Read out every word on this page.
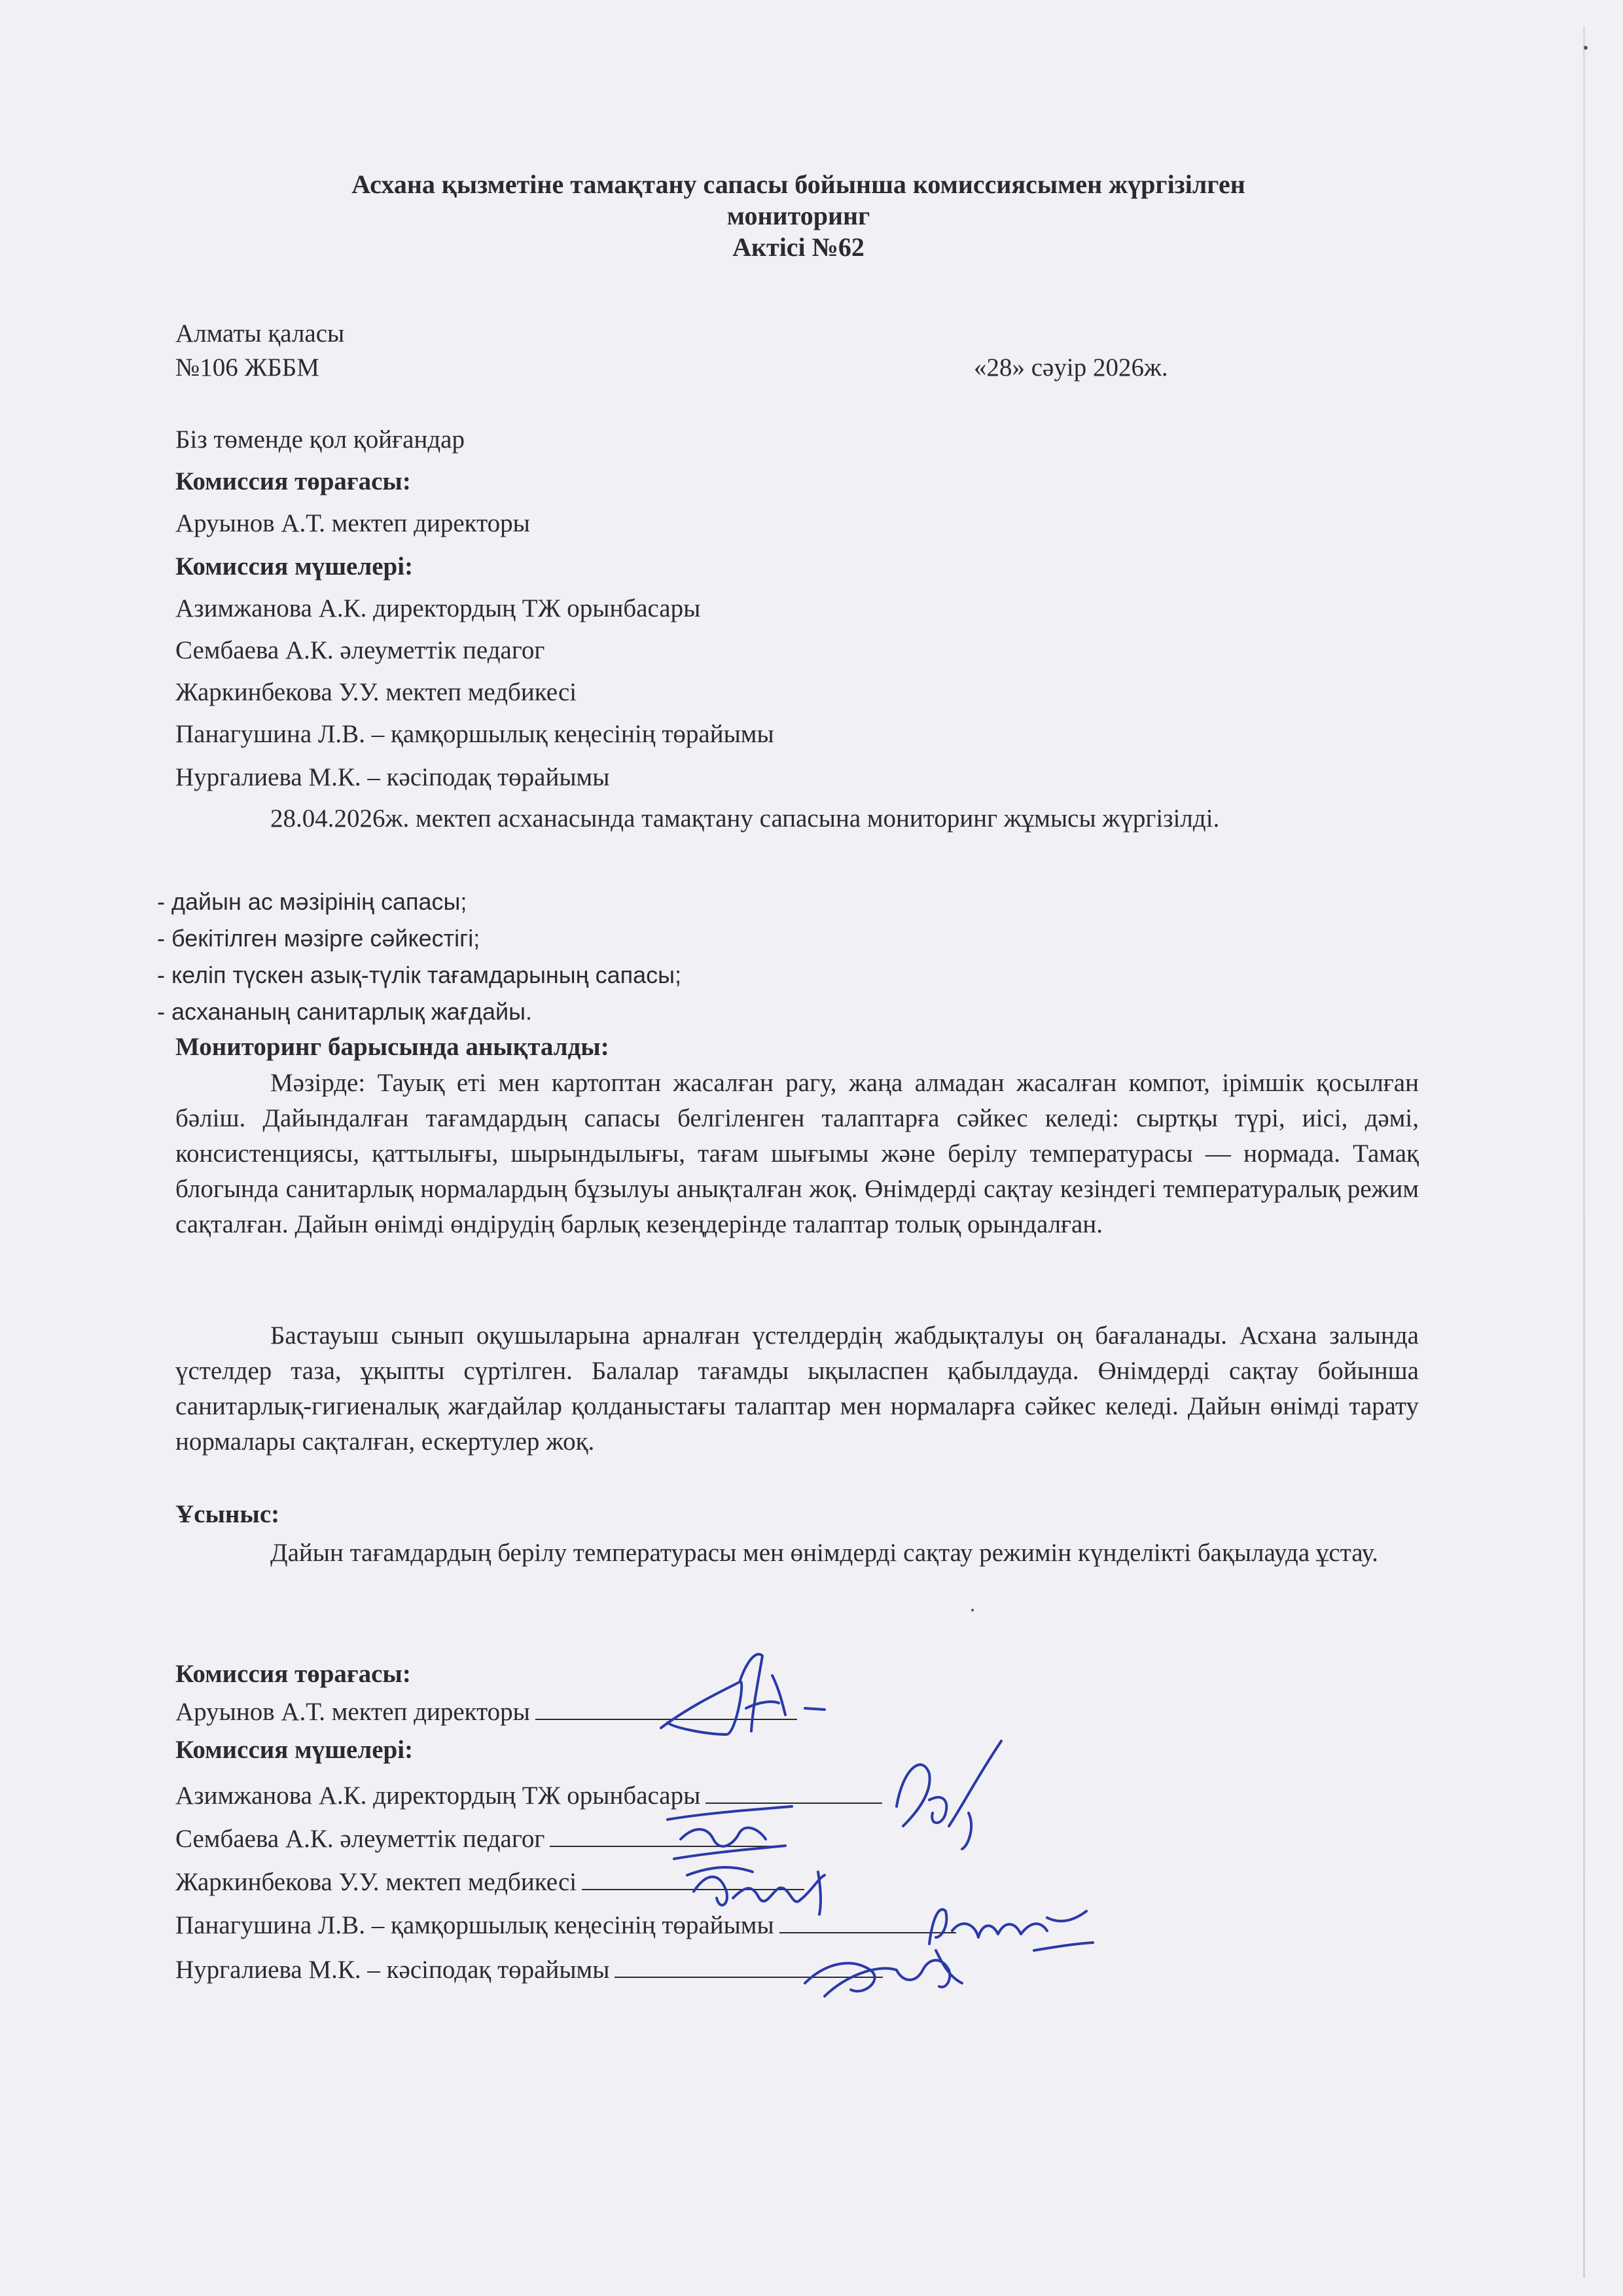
Асхана қызметіне тамақтану сапасы бойынша комиссиясымен жүргізілген
мониторинг
Актісі №62
Алматы қаласы
№106 ЖББМ	«28» сәуір 2026ж.
Біз төменде қол қойғандар
Комиссия төрағасы:
Аруынов А.Т. мектеп директоры
Комиссия мүшелері:
Азимжанова А.К. директордың ТЖ орынбасары
Сембаева А.К. әлеуметтік педагог
Жаркинбекова У.У. мектеп медбикесі
Панагушина Л.В. – қамқоршылық кеңесінің төрайымы
Нургалиева М.К. – кәсіподақ төрайымы
28.04.2026ж. мектеп асханасында тамақтану сапасына мониторинг жұмысы жүргізілді.
- дайын ас мәзірінің сапасы;
- бекітілген мәзірге сәйкестігі;
- келіп түскен азық-түлік тағамдарының сапасы;
- асхананың санитарлық жағдайы.
Мониторинг барысында анықталды:
Мәзірде: Тауық еті мен картоптан жасалған рагу, жаңа алмадан жасалған компот, ірімшік қосылған бәліш. Дайындалған тағамдардың сапасы белгіленген талаптарға сәйкес келеді: сыртқы түрі, иісі, дәмі, консистенциясы, қаттылығы, шырындылығы, тағам шығымы және берілу температурасы — нормада. Тамақ блогында санитарлық нормалардың бұзылуы анықталған жоқ. Өнімдерді сақтау кезіндегі температуралық режим сақталған. Дайын өнімді өндірудің барлық кезеңдерінде талаптар толық орындалған.
Бастауыш сынып оқушыларына арналған үстелдердің жабдықталуы оң бағаланады. Асхана залында үстелдер таза, ұқыпты сүртілген. Балалар тағамды ықыласпен қабылдауда. Өнімдерді сақтау бойынша санитарлық-гигиеналық жағдайлар қолданыстағы талаптар мен нормаларға сәйкес келеді. Дайын өнімді тарату нормалары сақталған, ескертулер жоқ.
Ұсыныс:
Дайын тағамдардың берілу температурасы мен өнімдерді сақтау режимін күнделікті бақылауда ұстау.
Комиссия төрағасы:
Аруынов А.Т. мектеп директоры
Комиссия мүшелері:
Азимжанова А.К. директордың ТЖ орынбасары
Сембаева А.К. әлеуметтік педагог
Жаркинбекова У.У. мектеп медбикесі
Панагушина Л.В. – қамқоршылық кеңесінің төрайымы
Нургалиева М.К. – кәсіподақ төрайымы
